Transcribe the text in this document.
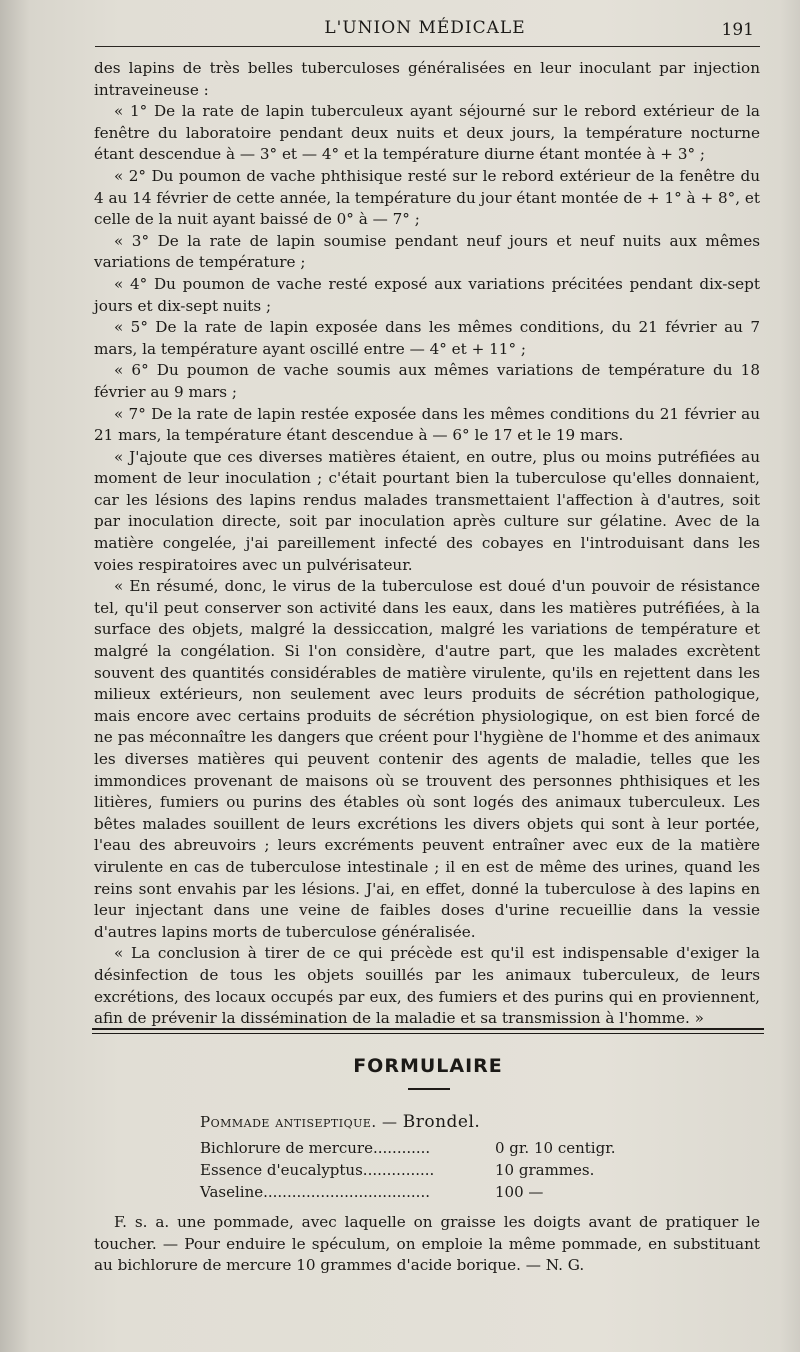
L'UNION MÉDICALE	191

des lapins de très belles tuberculoses généralisées en leur inoculant par injection intraveineuse :

« 1° De la rate de lapin tuberculeux ayant séjourné sur le rebord extérieur de la fenêtre du laboratoire pendant deux nuits et deux jours, la température nocturne étant descendue à — 3° et — 4° et la température diurne étant montée à + 3° ;

« 2° Du poumon de vache phthisique resté sur le rebord extérieur de la fenêtre du 4 au 14 février de cette année, la température du jour étant montée de + 1° à + 8°, et celle de la nuit ayant baissé de 0° à — 7° ;

« 3° De la rate de lapin soumise pendant neuf jours et neuf nuits aux mêmes variations de température ;

« 4° Du poumon de vache resté exposé aux variations précitées pendant dix-sept jours et dix-sept nuits ;

« 5° De la rate de lapin exposée dans les mêmes conditions, du 21 février au 7 mars, la température ayant oscillé entre — 4° et + 11° ;

« 6° Du poumon de vache soumis aux mêmes variations de température du 18 février au 9 mars ;

« 7° De la rate de lapin restée exposée dans les mêmes conditions du 21 février au 21 mars, la température étant descendue à — 6° le 17 et le 19 mars.

« J'ajoute que ces diverses matières étaient, en outre, plus ou moins putréfiées au moment de leur inoculation ; c'était pourtant bien la tuberculose qu'elles donnaient, car les lésions des lapins rendus malades transmettaient l'affection à d'autres, soit par inoculation directe, soit par inoculation après culture sur gélatine. Avec de la matière congelée, j'ai pareillement infecté des cobayes en l'introduisant dans les voies respiratoires avec un pulvérisateur.

« En résumé, donc, le virus de la tuberculose est doué d'un pouvoir de résistance tel, qu'il peut conserver son activité dans les eaux, dans les matières putréfiées, à la surface des objets, malgré la dessiccation, malgré les variations de température et malgré la congélation. Si l'on considère, d'autre part, que les malades excrètent souvent des quantités considérables de matière virulente, qu'ils en rejettent dans les milieux extérieurs, non seulement avec leurs produits de sécrétion pathologique, mais encore avec certains produits de sécrétion physiologique, on est bien forcé de ne pas méconnaître les dangers que créent pour l'hygiène de l'homme et des animaux les diverses matières qui peuvent contenir des agents de maladie, telles que les immondices provenant de maisons où se trouvent des personnes phthisiques et les litières, fumiers ou purins des étables où sont logés des animaux tuberculeux. Les bêtes malades souillent de leurs excrétions les divers objets qui sont à leur portée, l'eau des abreuvoirs ; leurs excréments peuvent entraîner avec eux de la matière virulente en cas de tuberculose intestinale ; il en est de même des urines, quand les reins sont envahis par les lésions. J'ai, en effet, donné la tuberculose à des lapins en leur injectant dans une veine de faibles doses d'urine recueillie dans la vessie d'autres lapins morts de tuberculose généralisée.

« La conclusion à tirer de ce qui précède est qu'il est indispensable d'exiger la désinfection de tous les objets souillés par les animaux tuberculeux, de leurs excrétions, des locaux occupés par eux, des fumiers et des purins qui en proviennent, afin de prévenir la dissémination de la maladie et sa transmission à l'homme. »

FORMULAIRE
Pommade antiseptique. — Brondel.
Bichlorure de mercure............	0 gr. 10 centigr.
Essence d'eucalyptus...............	10 grammes.
Vaseline...................................	100 —

F. s. a. une pommade, avec laquelle on graisse les doigts avant de pratiquer le toucher. — Pour enduire le spéculum, on emploie la même pommade, en substituant au bichlorure de mercure 10 grammes d'acide borique. — N. G.
